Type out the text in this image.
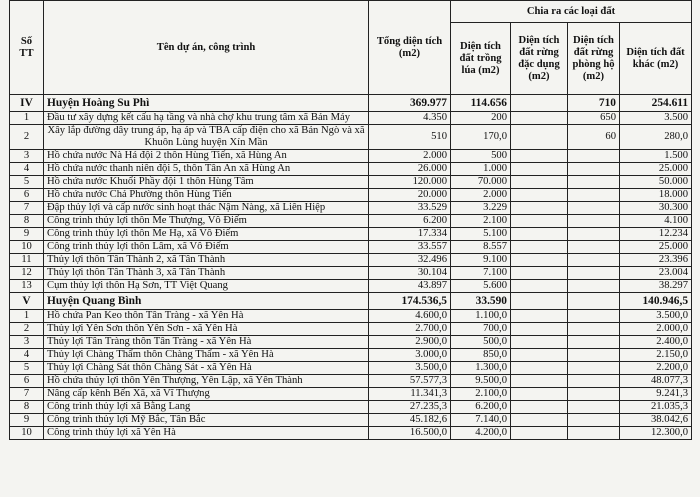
Số TT	Tên dự án, công trình	Tổng diện tích (m2)	Chia ra các loại đất			
			Diện tích đất trồng lúa (m2)	Diện tích đất rừng đặc dụng (m2)	Diện tích đất rừng phòng hộ (m2)	Diện tích đất khác (m2)
IV	Huyện Hoàng Su Phì	369.977	114.656		710	254.611
1	Đầu tư xây dựng kết cấu hạ tầng và nhà chợ khu trung tâm xã Bản Máy	4.350	200		650	3.500
2	Xây lắp đường dây trung áp, hạ áp và TBA cấp điện cho xã Bản Ngò và xã Khuôn Lùng huyện Xín Mần	510	170,0		60	280,0
3	Hồ chứa nước Nà Há đội 2 thôn Hùng Tiến, xã Hùng An	2.000	500			1.500
4	Hồ chứa nước thanh niên đội 5, thôn Tân An xã Hùng An	26.000	1.000			25.000
5	Hồ chứa nước Khuổi Phầy đội 1 thôn Hùng Tâm	120.000	70.000			50.000
6	Hồ chứa nước Chả Phường thôn Hùng Tiến	20.000	2.000			18.000
7	Đập thủy lợi và cấp nước sinh hoạt thác Nậm Nàng, xã Liên Hiệp	33.529	3.229			30.300
8	Công trình thủy lợi thôn Me Thượng, Vô Điếm	6.200	2.100			4.100
9	Công trình thủy lợi thôn Me Hạ, xã Vô Điếm	17.334	5.100			12.234
10	Công trình thủy lợi thôn Lâm, xã Vô Điếm	33.557	8.557			25.000
11	Thủy lợi thôn Tân Thành 2, xã Tân Thành	32.496	9.100			23.396
12	Thủy lợi thôn Tân Thành 3, xã Tân Thành	30.104	7.100			23.004
13	Cụm thủy lợi thôn Hạ Sơn, TT Việt Quang	43.897	5.600			38.297
V	Huyện Quang Bình	174.536,5	33.590			140.946,5
1	Hồ chứa Pan Keo thôn Tân Tràng - xã Yên Hà	4.600,0	1.100,0			3.500,0
2	Thủy lợi Yên Sơn thôn Yên Sơn - xã Yên Hà	2.700,0	700,0			2.000,0
3	Thủy lợi Tân Tràng thôn Tân Tràng - xã Yên Hà	2.900,0	500,0			2.400,0
4	Thủy lợi Chàng Thẩm thôn Chàng Thẩm - xã Yên Hà	3.000,0	850,0			2.150,0
5	Thủy lợi Chàng Sát thôn Chàng Sát - xã Yên Hà	3.500,0	1.300,0			2.200,0
6	Hồ chứa thủy lợi thôn Yên Thượng, Yên Lập, xã Yên Thành	57.577,3	9.500,0			48.077,3
7	Nâng cấp kênh Bến Xã, xã Vĩ Thượng	11.341,3	2.100,0			9.241,3
8	Công trình thủy lợi xã Bằng Lang	27.235,3	6.200,0			21.035,3
9	Công trình thủy lợi Mỹ Bắc, Tân Bắc	45.182,6	7.140,0			38.042,6
10	Công trình thủy lợi xã Yên Hà	16.500,0	4.200,0			12.300,0
